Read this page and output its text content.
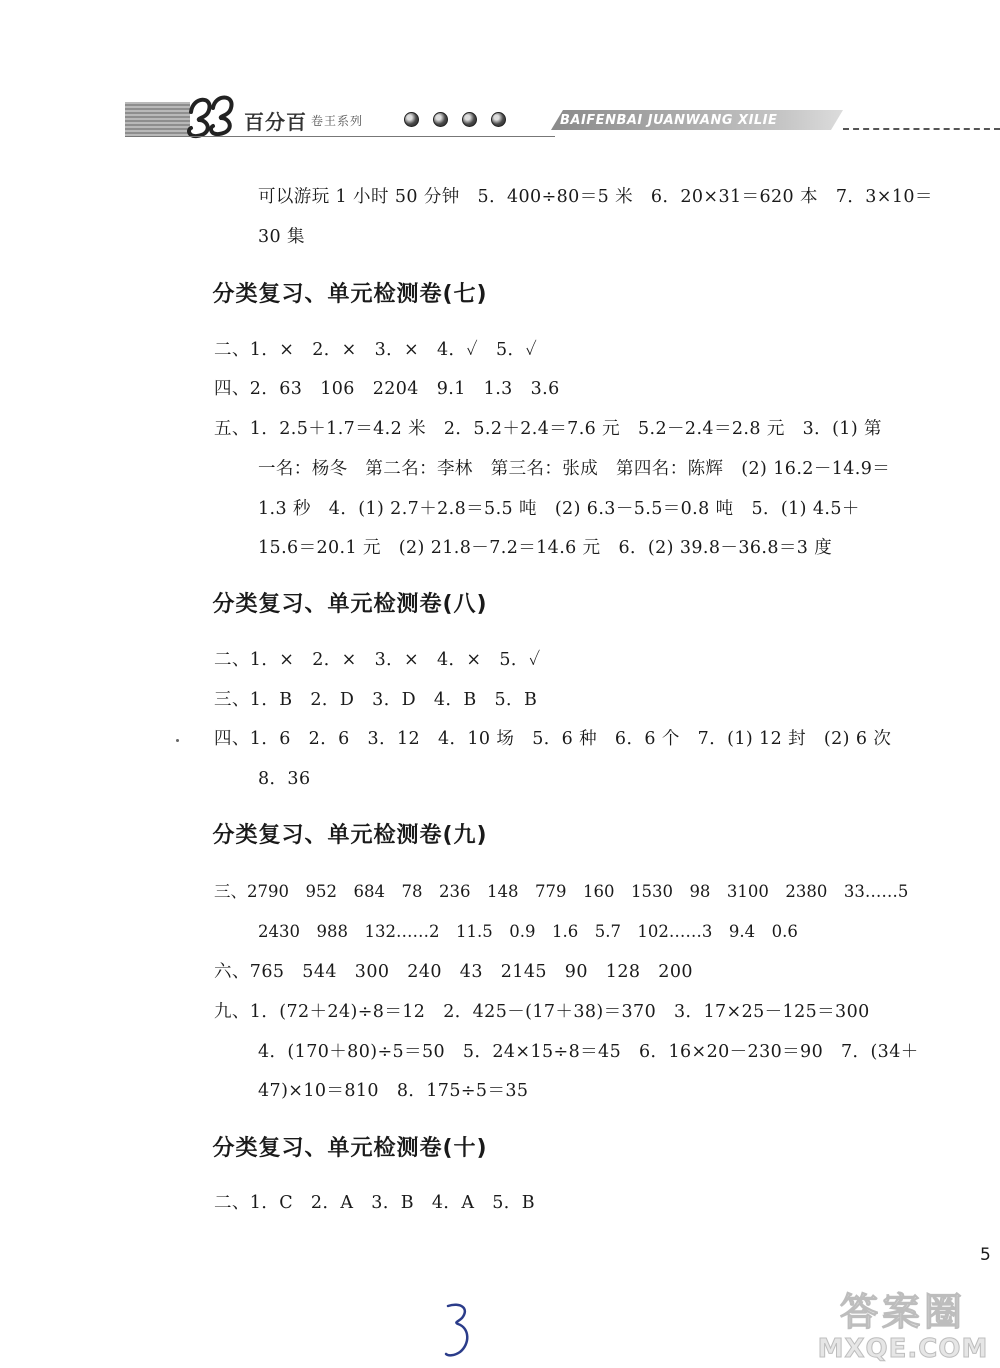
百分百 $^{卷王系列}$	BAIFENBAI JUANWANG XILIE
可以游玩 1 小时 50 分钟　5．400÷80＝5 米　6．20×31＝620 本　7．3×10＝
30 集
分类复习、单元检测卷(七)
二、1．×　2．×　3．×　4．✓　5．✓
四、2．63　106　2204　9.1　1.3　3.6
五、1．2.5＋1.7＝4.2 米　2．5.2＋2.4＝7.6 元　5.2－2.4＝2.8 元　3．(1) 第
一名：杨冬　第二名：李林　第三名：张成　第四名：陈辉　(2) 16.2－14.9＝
1.3 秒　4．(1) 2.7＋2.8＝5.5 吨　(2) 6.3－5.5＝0.8 吨　5．(1) 4.5＋
15.6＝20.1 元　(2) 21.8－7.2＝14.6 元　6．(2) 39.8－36.8＝3 度
分类复习、单元检测卷(八)
二、1．×　2．×　3．×　4．×　5．✓
三、1．B　2．D　3．D　4．B　5．B
四、1．6　2．6　3．12　4．10 场　5．6 种　6．6 个　7．(1) 12 封　(2) 6 次
8．36
分类复习、单元检测卷(九)
三、2790　952　684　78　236　148　779　160　1530　98　3100　2380　33……5
2430　988　132……2　11.5　0.9　1.6　5.7　102……3　9.4　0.6
六、765　544　300　240　43　2145　90　128　200
九、1．(72＋24)÷8＝12　2．425－(17＋38)＝370　3．17×25－125＝300
4．(170＋80)÷5＝50　5．24×15÷8＝45　6．16×20－230＝90　7．(34＋
47)×10＝810　8．175÷5＝35
分类复习、单元检测卷(十)
二、1．C　2．A　3．B　4．A　5．B
5
答案圈
MXQE.COM
